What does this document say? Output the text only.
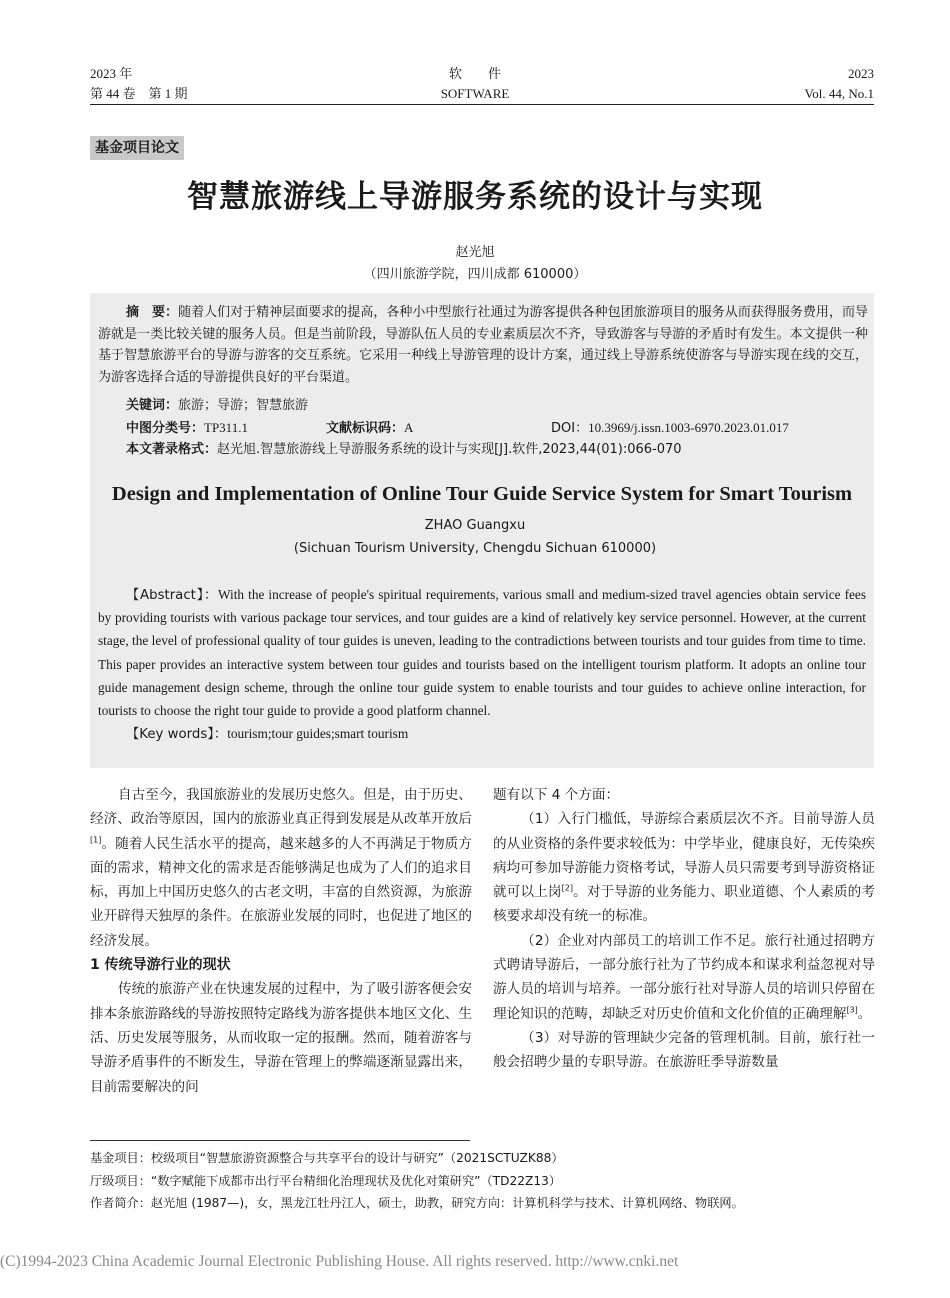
2023 年
第 44 卷　第 1 期
软　　件
SOFTWARE
2023
Vol. 44, No.1
基金项目论文
智慧旅游线上导游服务系统的设计与实现
赵光旭
（四川旅游学院，四川成都 610000）

摘　要：随着人们对于精神层面要求的提高，各种小中型旅行社通过为游客提供各种包团旅游项目的服务从而获得服务费用，而导游就是一类比较关键的服务人员。但是当前阶段，导游队伍人员的专业素质层次不齐，导致游客与导游的矛盾时有发生。本文提供一种基于智慧旅游平台的导游与游客的交互系统。它采用一种线上导游管理的设计方案，通过线上导游系统使游客与导游实现在线的交互，为游客选择合适的导游提供良好的平台渠道。

关键词：旅游；导游；智慧旅游
中图分类号：TP311.1	文献标识码：A	DOI：10.3969/j.issn.1003-6970.2023.01.017
本文著录格式：赵光旭.智慧旅游线上导游服务系统的设计与实现[J].软件,2023,44(01):066-070
Design and Implementation of Online Tour Guide Service System for Smart Tourism
ZHAO Guangxu
(Sichuan Tourism University, Chengdu Sichuan 610000)

【Abstract】：With the increase of people's spiritual requirements, various small and medium-sized travel agencies obtain service fees by providing tourists with various package tour services, and tour guides are a kind of relatively key service personnel. However, at the current stage, the level of professional quality of tour guides is uneven, leading to the contradictions between tourists and tour guides from time to time. This paper provides an interactive system between tour guides and tourists based on the intelligent tourism platform. It adopts an online tour guide management design scheme, through the online tour guide system to enable tourists and tour guides to achieve online interaction, for tourists to choose the right tour guide to provide a good platform channel.

【Key words】：tourism;tour guides;smart tourism

自古至今，我国旅游业的发展历史悠久。但是，由于历史、经济、政治等原因，国内的旅游业真正得到发展是从改革开放后[1]。随着人民生活水平的提高，越来越多的人不再满足于物质方面的需求，精神文化的需求是否能够满足也成为了人们的追求目标，再加上中国历史悠久的古老文明，丰富的自然资源，为旅游业开辟得天独厚的条件。在旅游业发展的同时，也促进了地区的经济发展。

1 传统导游行业的现状

传统的旅游产业在快速发展的过程中，为了吸引游客便会安排本条旅游路线的导游按照特定路线为游客提供本地区文化、生活、历史发展等服务，从而收取一定的报酬。然而，随着游客与导游矛盾事件的不断发生，导游在管理上的弊端逐渐显露出来，目前需要解决的问

题有以下 4 个方面：

（1）入行门槛低，导游综合素质层次不齐。目前导游人员的从业资格的条件要求较低为：中学毕业，健康良好，无传染疾病均可参加导游能力资格考试，导游人员只需要考到导游资格证就可以上岗[2]。对于导游的业务能力、职业道德、个人素质的考核要求却没有统一的标准。

（2）企业对内部员工的培训工作不足。旅行社通过招聘方式聘请导游后，一部分旅行社为了节约成本和谋求利益忽视对导游人员的培训与培养。一部分旅行社对导游人员的培训只停留在理论知识的范畴，却缺乏对历史价值和文化价值的正确理解[3]。

（3）对导游的管理缺少完备的管理机制。目前，旅行社一般会招聘少量的专职导游。在旅游旺季导游数量

基金项目：校级项目“智慧旅游资源整合与共享平台的设计与研究”（2021SCTUZK88）
厅级项目：“数字赋能下成都市出行平台精细化治理现状及优化对策研究”（TD22Z13）
作者简介：赵光旭 (1987—)，女，黑龙江牡丹江人，硕士，助教，研究方向：计算机科学与技术、计算机网络、物联网。
(C)1994-2023 China Academic Journal Electronic Publishing House. All rights reserved. http://www.cnki.net
